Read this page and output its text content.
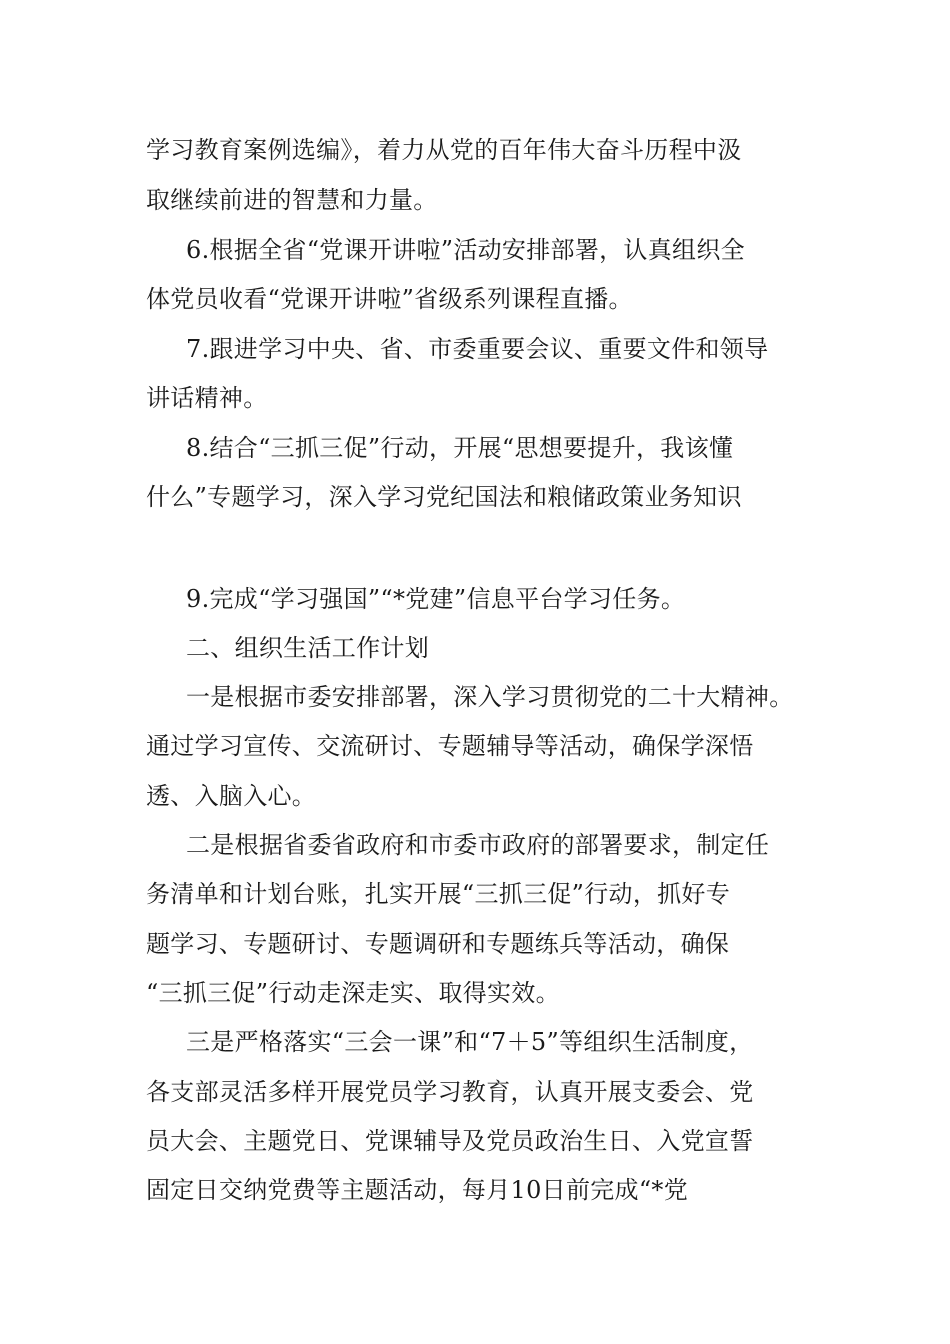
学习教育案例选编》，着力从党的百年伟大奋斗历程中汲
取继续前进的智慧和力量。
6.根据全省“党课开讲啦”活动安排部署，认真组织全
体党员收看“党课开讲啦”省级系列课程直播。
7.跟进学习中央、省、市委重要会议、重要文件和领导
讲话精神。
8.结合“三抓三促”行动，开展“思想要提升，我该懂
什么”专题学习，深入学习党纪国法和粮储政策业务知识
9.完成“学习强国”“*党建”信息平台学习任务。
二、组织生活工作计划
一是根据市委安排部署，深入学习贯彻党的二十大精神。
通过学习宣传、交流研讨、专题辅导等活动，确保学深悟
透、入脑入心。
二是根据省委省政府和市委市政府的部署要求，制定任
务清单和计划台账，扎实开展“三抓三促”行动，抓好专
题学习、专题研讨、专题调研和专题练兵等活动，确保
“三抓三促”行动走深走实、取得实效。
三是严格落实“三会一课”和“7＋5”等组织生活制度，
各支部灵活多样开展党员学习教育，认真开展支委会、党
员大会、主题党日、党课辅导及党员政治生日、入党宣誓
固定日交纳党费等主题活动，每月10日前完成“*党
